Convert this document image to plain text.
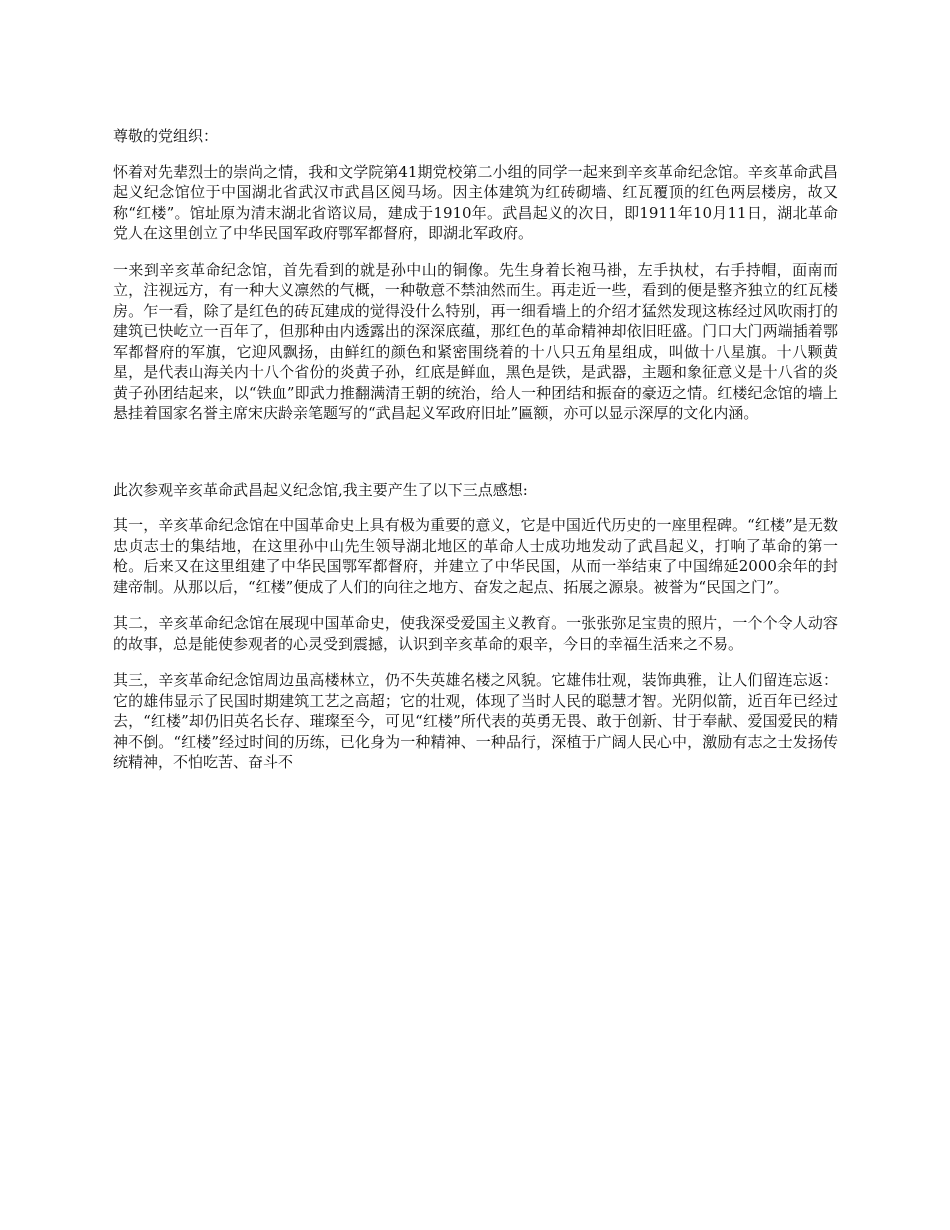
尊敬的党组织：

怀着对先辈烈士的崇尚之情，我和文学院第41期党校第二小组的同学一起来到辛亥革命纪念馆。辛亥革命武昌起义纪念馆位于中国湖北省武汉市武昌区阅马场。因主体建筑为红砖砌墙、红瓦覆顶的红色两层楼房，故又称“红楼”。馆址原为清末湖北省谘议局，建成于1910年。武昌起义的次日，即1911年10月11日，湖北革命党人在这里创立了中华民国军政府鄂军都督府，即湖北军政府。

一来到辛亥革命纪念馆，首先看到的就是孙中山的铜像。先生身着长袍马褂，左手执杖，右手持帽，面南而立，注视远方，有一种大义凛然的气概，一种敬意不禁油然而生。再走近一些，看到的便是整齐独立的红瓦楼房。乍一看，除了是红色的砖瓦建成的觉得没什么特别，再一细看墙上的介绍才猛然发现这栋经过风吹雨打的建筑已快屹立一百年了，但那种由内透露出的深深底蕴，那红色的革命精神却依旧旺盛。门口大门两端插着鄂军都督府的军旗，它迎风飘扬，由鲜红的颜色和紧密围绕着的十八只五角星组成，叫做十八星旗。十八颗黄星，是代表山海关内十八个省份的炎黄子孙，红底是鲜血，黑色是铁，是武器，主题和象征意义是十八省的炎黄子孙团结起来，以“铁血”即武力推翻满清王朝的统治，给人一种团结和振奋的豪迈之情。红楼纪念馆的墙上悬挂着国家名誉主席宋庆龄亲笔题写的“武昌起义军政府旧址”匾额，亦可以显示深厚的文化内涵。

此次参观辛亥革命武昌起义纪念馆,我主要产生了以下三点感想:

其一，辛亥革命纪念馆在中国革命史上具有极为重要的意义，它是中国近代历史的一座里程碑。“红楼”是无数忠贞志士的集结地，在这里孙中山先生领导湖北地区的革命人士成功地发动了武昌起义，打响了革命的第一枪。后来又在这里组建了中华民国鄂军都督府，并建立了中华民国，从而一举结束了中国绵延2000余年的封建帝制。从那以后，“红楼”便成了人们的向往之地方、奋发之起点、拓展之源泉。被誉为“民国之门”。

其二，辛亥革命纪念馆在展现中国革命史，使我深受爱国主义教育。一张张弥足宝贵的照片，一个个令人动容的故事，总是能使参观者的心灵受到震撼，认识到辛亥革命的艰辛，今日的幸福生活来之不易。

其三，辛亥革命纪念馆周边虽高楼林立，仍不失英雄名楼之风貌。它雄伟壮观，装饰典雅，让人们留连忘返：它的雄伟显示了民国时期建筑工艺之高超；它的壮观，体现了当时人民的聪慧才智。光阴似箭，近百年已经过去，“红楼”却仍旧英名长存、璀璨至今，可见“红楼”所代表的英勇无畏、敢于创新、甘于奉献、爱国爱民的精神不倒。“红楼”经过时间的历练，已化身为一种精神、一种品行，深植于广阔人民心中，激励有志之士发扬传统精神，不怕吃苦、奋斗不
